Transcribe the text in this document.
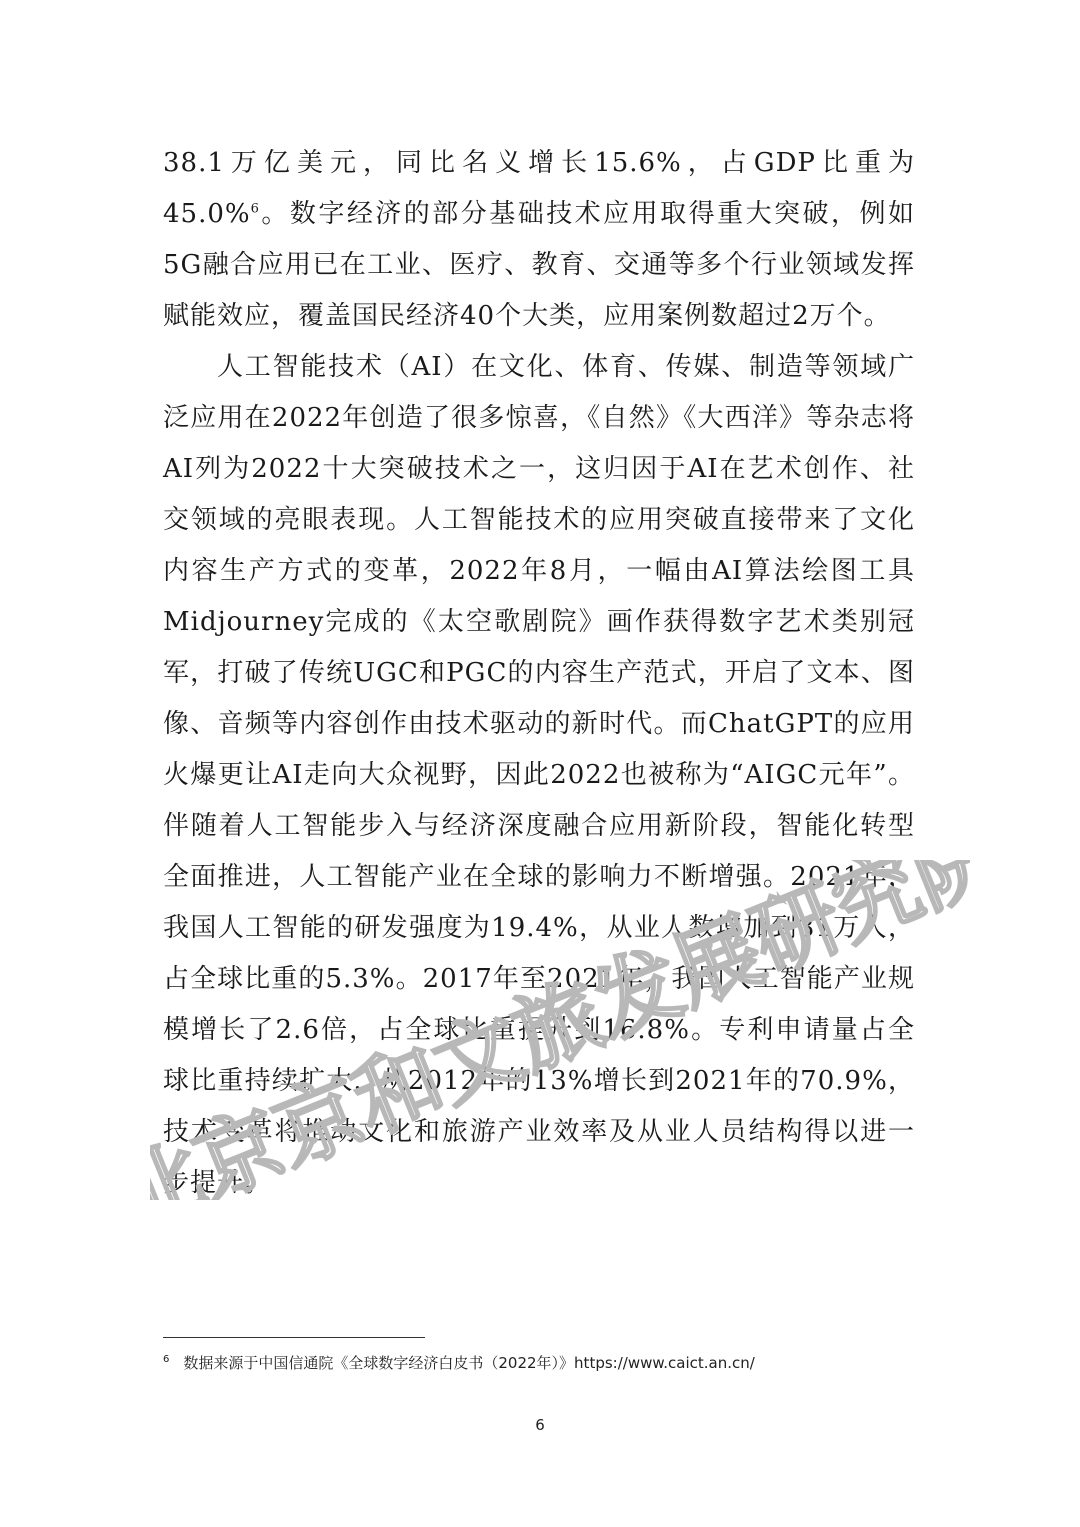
38.1万亿美元，同比名义增长15.6%，占GDP比重为45.0%$^6$。数字经济的部分基础技术应用取得重大突破，例如5G融合应用已在工业、医疗、教育、交通等多个行业领域发挥赋能效应，覆盖国民经济40个大类，应用案例数超过2万个。

人工智能技术（AI）在文化、体育、传媒、制造等领域广泛应用在2022年创造了很多惊喜，《自然》《大西洋》等杂志将AI列为2022十大突破技术之一，这归因于AI在艺术创作、社交领域的亮眼表现。人工智能技术的应用突破直接带来了文化内容生产方式的变革，2022年8月，一幅由AI算法绘图工具Midjourney完成的《太空歌剧院》画作获得数字艺术类别冠军，打破了传统UGC和PGC的内容生产范式，开启了文本、图像、音频等内容创作由技术驱动的新时代。而ChatGPT的应用火爆更让AI走向大众视野，因此2022也被称为“AIGC元年”。伴随着人工智能步入与经济深度融合应用新阶段，智能化转型全面推进，人工智能产业在全球的影响力不断增强。2021年，我国人工智能的研发强度为19.4%，从业人数增加到31万人，占全球比重的5.3%。2017年至2021年，我国人工智能产业规模增长了2.6倍，占全球比重提升到16.8%。专利申请量占全球比重持续扩大，从2012年的13%增长到2021年的70.9%，技术变革将推动文化和旅游产业效率及从业人员结构得以进一步提升。

北京京和文旅发展研究院
$^6$ 数据来源于中国信通院《全球数字经济白皮书（2022年）》https://www.caict.an.cn/
6
